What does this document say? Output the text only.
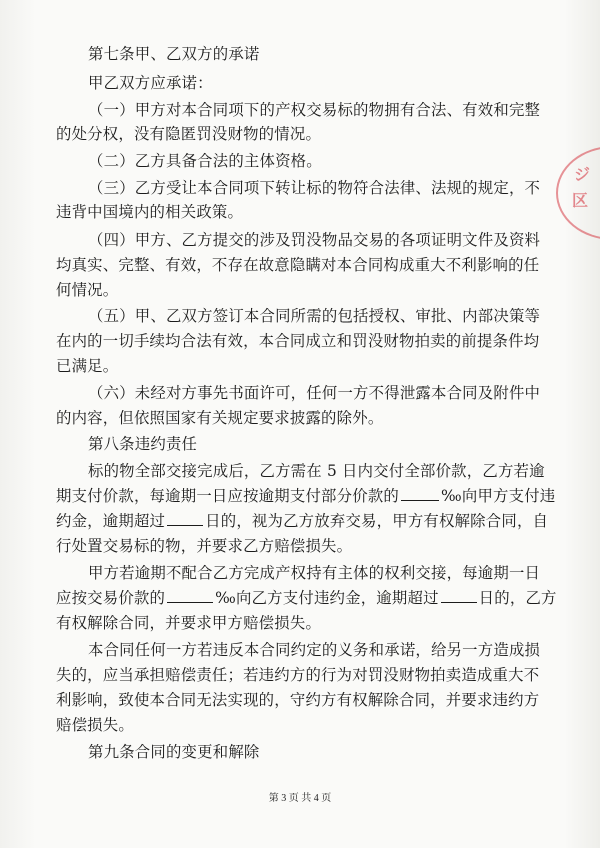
第七条甲、乙双方的承诺
甲乙双方应承诺：
（一）甲方对本合同项下的产权交易标的物拥有合法、有效和完整
的处分权，没有隐匿罚没财物的情况。
（二）乙方具备合法的主体资格。
（三）乙方受让本合同项下转让标的物符合法律、法规的规定，不
违背中国境内的相关政策。
（四）甲方、乙方提交的涉及罚没物品交易的各项证明文件及资料
均真实、完整、有效，不存在故意隐瞒对本合同构成重大不利影响的任
何情况。
（五）甲、乙双方签订本合同所需的包括授权、审批、内部决策等
在内的一切手续均合法有效，本合同成立和罚没财物拍卖的前提条件均
已满足。
（六）未经对方事先书面许可，任何一方不得泄露本合同及附件中
的内容，但依照国家有关规定要求披露的除外。
第八条违约责任
标的物全部交接完成后，乙方需在 5 日内交付全部价款，乙方若逾
期支付价款，每逾期一日应按逾期支付部分价款的	‰向甲方支付违
约金，逾期超过	日的，视为乙方放弃交易，甲方有权解除合同，自
行处置交易标的物，并要求乙方赔偿损失。
甲方若逾期不配合乙方完成产权持有主体的权利交接，每逾期一日
应按交易价款的	‰向乙方支付违约金，逾期超过	日的，乙方
有权解除合同，并要求甲方赔偿损失。
本合同任何一方若违反本合同约定的义务和承诺，给另一方造成损
失的，应当承担赔偿责任；若违约方的行为对罚没财物拍卖造成重大不
利影响，致使本合同无法实现的，守约方有权解除合同，并要求违约方
赔偿损失。
第九条合同的变更和解除
第 3 页 共 4 页
ジ
区
